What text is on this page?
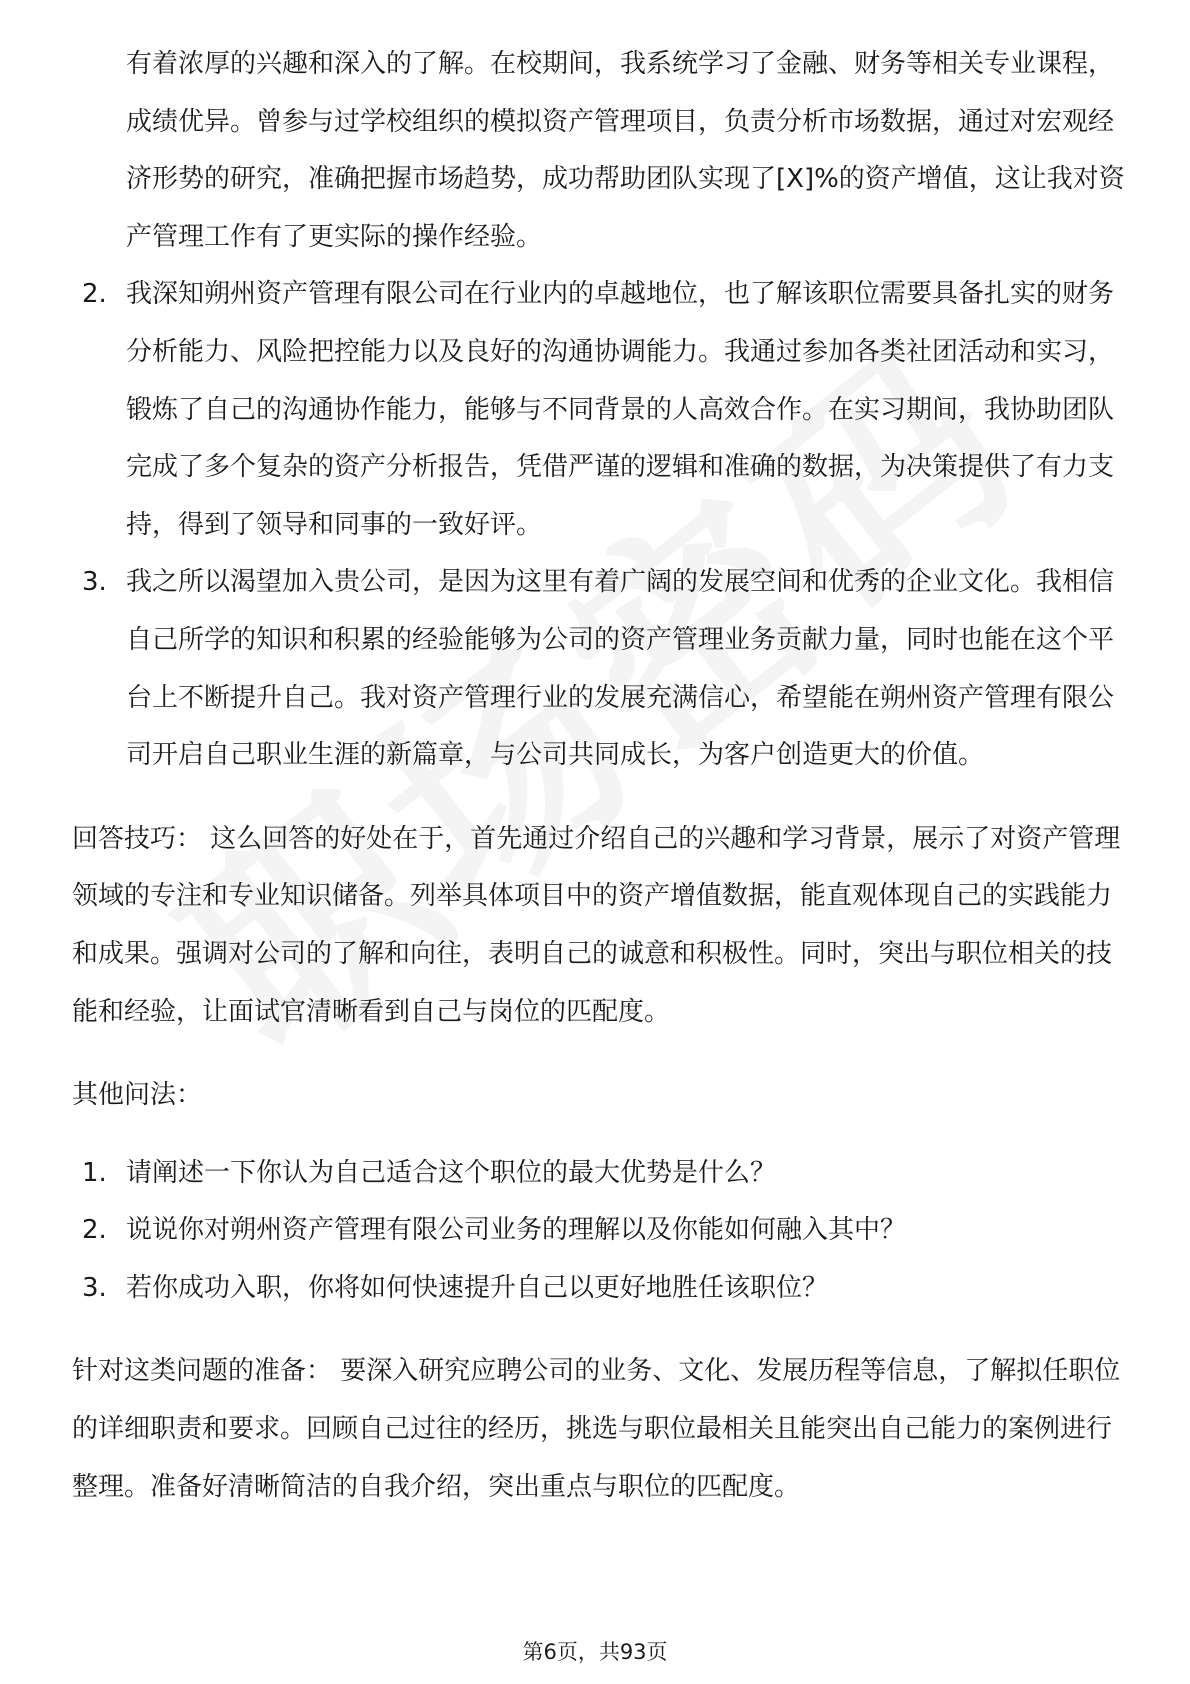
有着浓厚的兴趣和深入的了解。在校期间，我系统学习了金融、财务等相关专业课程，成绩优异。曾参与过学校组织的模拟资产管理项目，负责分析市场数据，通过对宏观经济形势的研究，准确把握市场趋势，成功帮助团队实现了[X]%的资产增值，这让我对资产管理工作有了更实际的操作经验。

2. 我深知朔州资产管理有限公司在行业内的卓越地位，也了解该职位需要具备扎实的财务分析能力、风险把控能力以及良好的沟通协调能力。我通过参加各类社团活动和实习，锻炼了自己的沟通协作能力，能够与不同背景的人高效合作。在实习期间，我协助团队完成了多个复杂的资产分析报告，凭借严谨的逻辑和准确的数据，为决策提供了有力支持，得到了领导和同事的一致好评。
3. 我之所以渴望加入贵公司，是因为这里有着广阔的发展空间和优秀的企业文化。我相信自己所学的知识和积累的经验能够为公司的资产管理业务贡献力量，同时也能在这个平台上不断提升自己。我对资产管理行业的发展充满信心，希望能在朔州资产管理有限公司开启自己职业生涯的新篇章，与公司共同成长，为客户创造更大的价值。

回答技巧： 这么回答的好处在于，首先通过介绍自己的兴趣和学习背景，展示了对资产管理领域的专注和专业知识储备。列举具体项目中的资产增值数据，能直观体现自己的实践能力和成果。强调对公司的了解和向往，表明自己的诚意和积极性。同时，突出与职位相关的技能和经验，让面试官清晰看到自己与岗位的匹配度。

其他问法：

1. 请阐述一下你认为自己适合这个职位的最大优势是什么？
2. 说说你对朔州资产管理有限公司业务的理解以及你能如何融入其中？
3. 若你成功入职，你将如何快速提升自己以更好地胜任该职位？

针对这类问题的准备： 要深入研究应聘公司的业务、文化、发展历程等信息，了解拟任职位的详细职责和要求。回顾自己过往的经历，挑选与职位最相关且能突出自己能力的案例进行整理。准备好清晰简洁的自我介绍，突出重点与职位的匹配度。

第6页，共93页
